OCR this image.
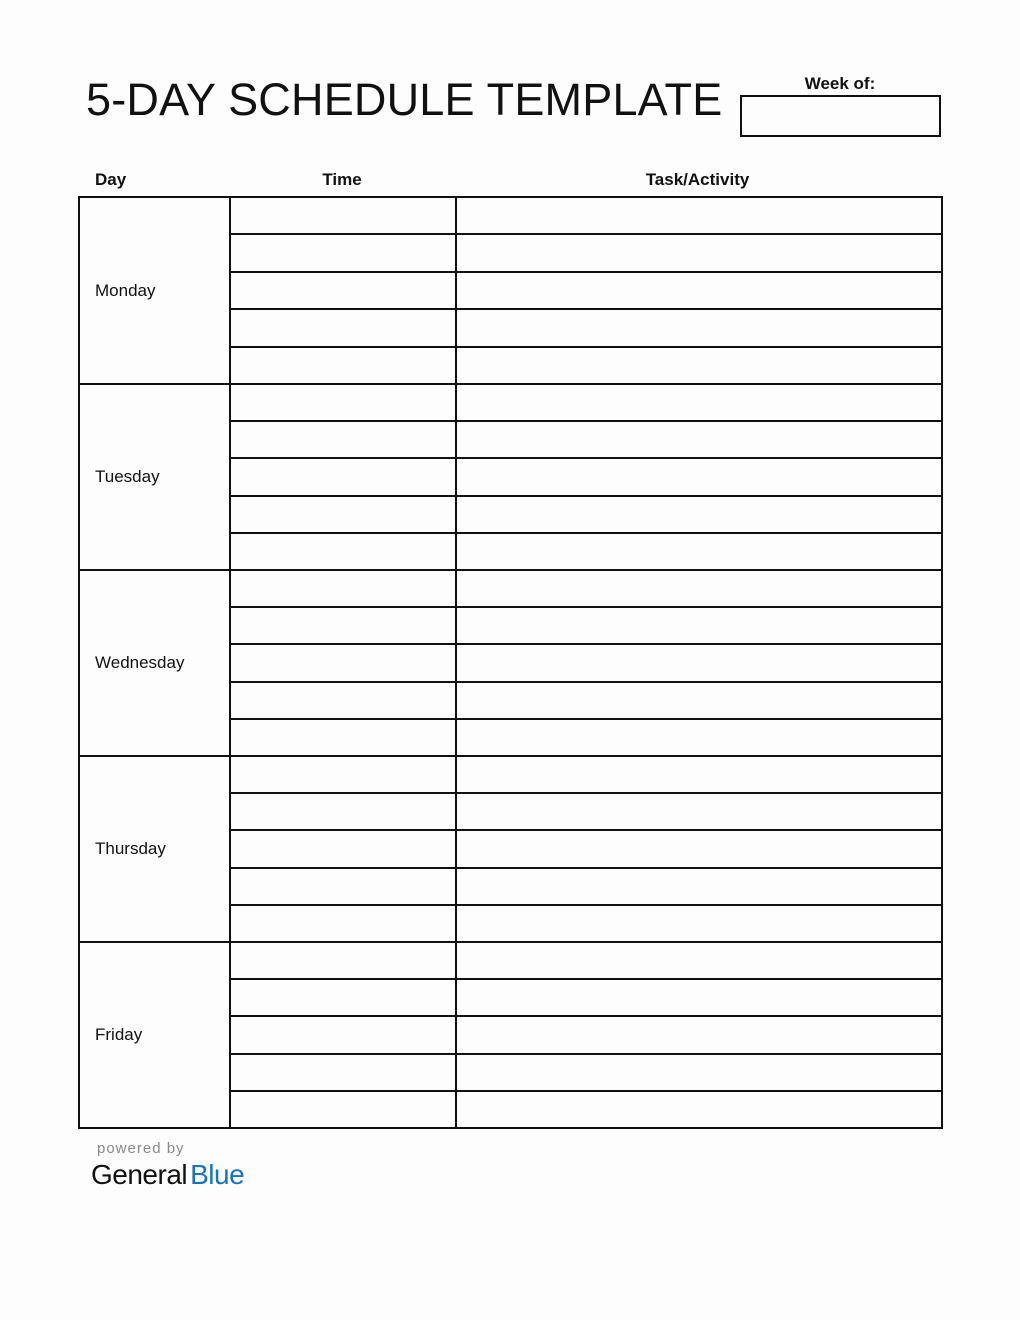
5-DAY SCHEDULE TEMPLATE	Week of:
Day	Time	Task/Activity
Monday
Tuesday
Wednesday
Thursday
Friday
powered by
General Blue
